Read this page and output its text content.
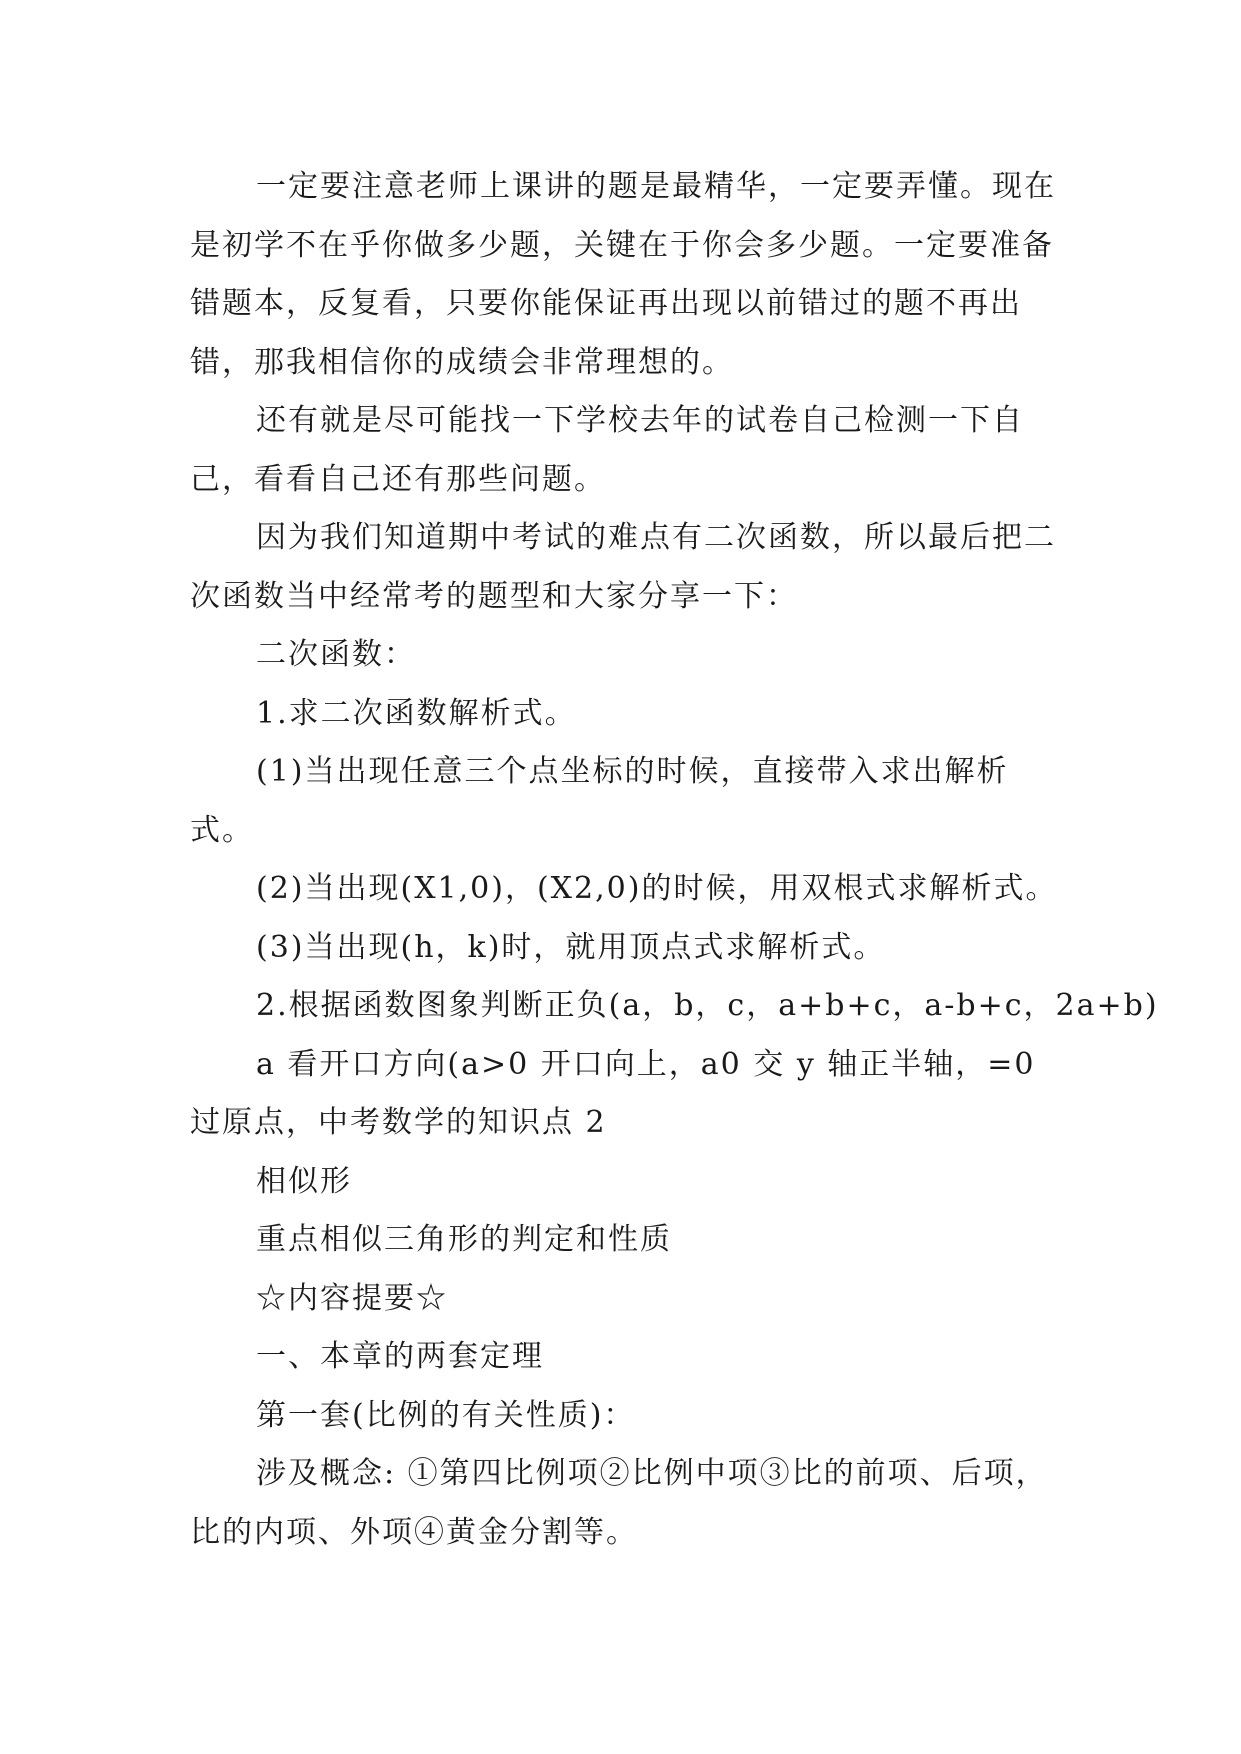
一定要注意老师上课讲的题是最精华，一定要弄懂。现在是初学不在乎你做多少题，关键在于你会多少题。一定要准备错题本，反复看，只要你能保证再出现以前错过的题不再出错，那我相信你的成绩会非常理想的。

还有就是尽可能找一下学校去年的试卷自己检测一下自己，看看自己还有那些问题。

因为我们知道期中考试的难点有二次函数，所以最后把二次函数当中经常考的题型和大家分享一下：

二次函数：

1.求二次函数解析式。

(1)当出现任意三个点坐标的时候，直接带入求出解析式。

(2)当出现(X1,0)，(X2,0)的时候，用双根式求解析式。

(3)当出现(h，k)时，就用顶点式求解析式。

2.根据函数图象判断正负(a，b，c，a+b+c，a-b+c，2a+b)

a 看开口方向(a>0 开口向上，a0 交 y 轴正半轴，=0 过原点，中考数学的知识点 2

相似形

重点相似三角形的判定和性质

☆内容提要☆

一、本章的两套定理

第一套(比例的有关性质)：

涉及概念: ①第四比例项②比例中项③比的前项、后项，比的内项、外项④黄金分割等。
